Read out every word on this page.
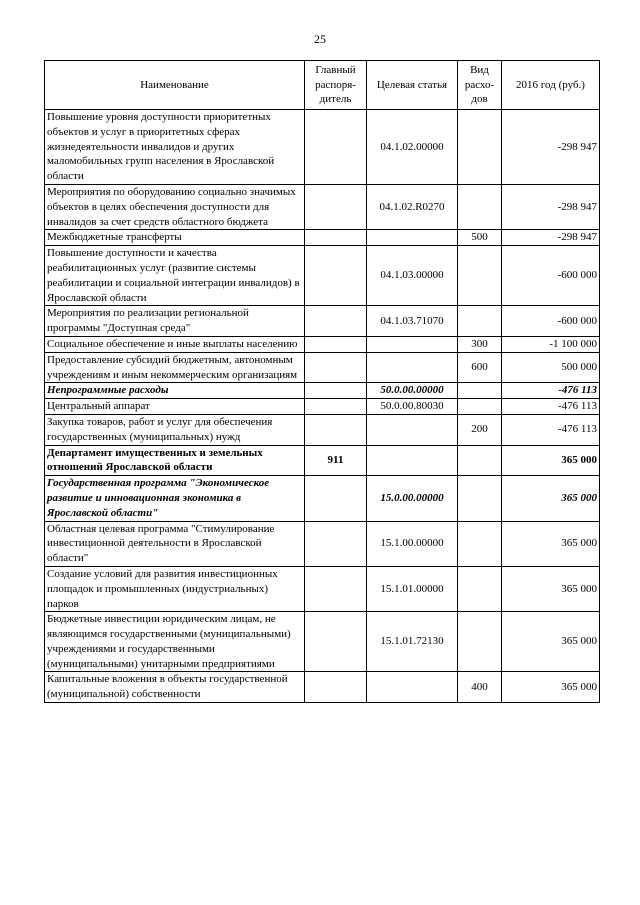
25
Наименование	Главный распоря-дитель	Целевая статья	Вид расхо-дов	2016 год (руб.)
Повышение уровня доступности приоритетных объектов и услуг в приоритетных сферах жизнедеятельности инвалидов и других маломобильных групп населения в Ярославской области		04.1.02.00000		-298 947
Мероприятия по оборудованию социально значимых объектов в целях обеспечения доступности для инвалидов за счет средств областного бюджета		04.1.02.R0270		-298 947
Межбюджетные трансферты			500	-298 947
Повышение доступности и качества реабилитационных услуг (развитие системы реабилитации и социальной интеграции инвалидов) в Ярославской области		04.1.03.00000		-600 000
Мероприятия по реализации региональной программы "Доступная среда"		04.1.03.71070		-600 000
Социальное обеспечение и иные выплаты населению			300	-1 100 000
Предоставление субсидий бюджетным, автономным учреждениям и иным некоммерческим организациям			600	500 000
Непрограммные расходы		50.0.00.00000		-476 113
Центральный аппарат		50.0.00.80030		-476 113
Закупка товаров, работ и услуг для обеспечения государственных (муниципальных) нужд			200	-476 113
Департамент имущественных и земельных отношений Ярославской области	911			365 000
Государственная программа "Экономическое развитие и инновационная экономика в Ярославской области"		15.0.00.00000		365 000
Областная целевая программа "Стимулирование инвестиционной деятельности в Ярославской области"		15.1.00.00000		365 000
Создание условий для развития инвестиционных площадок и промышленных (индустриальных) парков		15.1.01.00000		365 000
Бюджетные инвестиции юридическим лицам, не являющимся государственными (муниципальными) учреждениями и государственными (муниципальными) унитарными предприятиями		15.1.01.72130		365 000
Капитальные вложения в объекты государственной (муниципальной) собственности			400	365 000
